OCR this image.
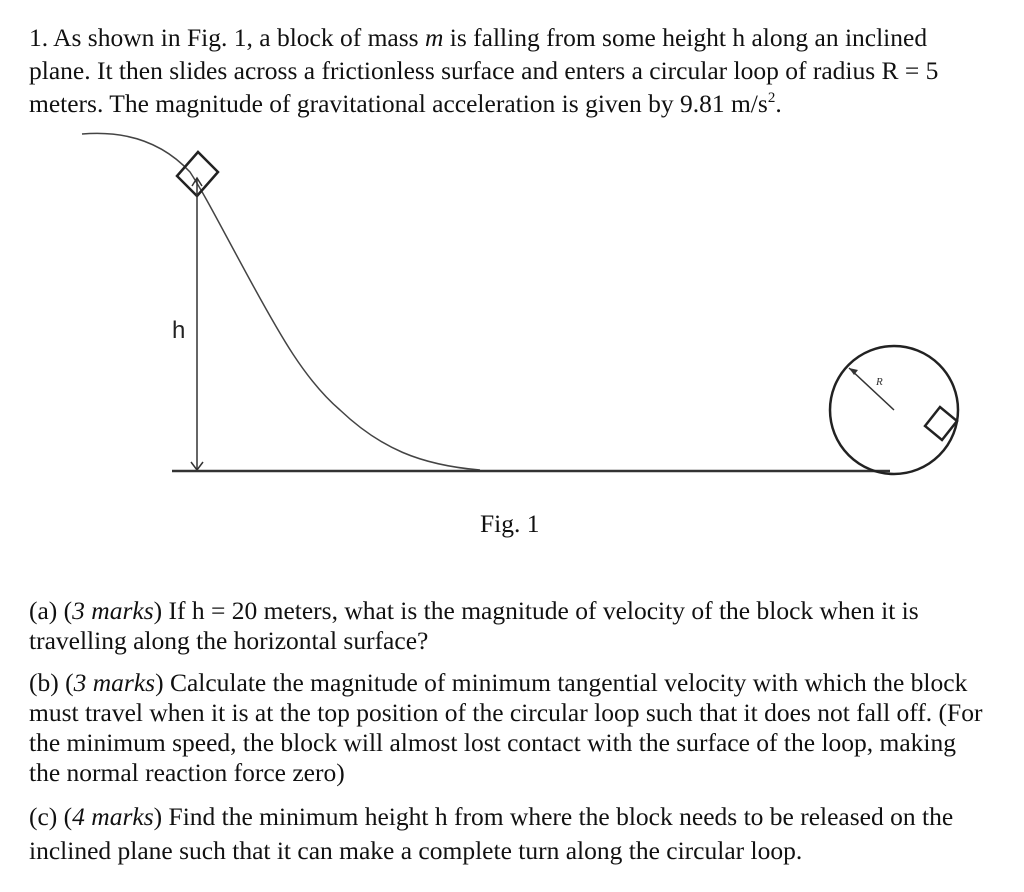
1. As shown in Fig. 1, a block of mass m is falling from some height h along an inclined
plane. It then slides across a frictionless surface and enters a circular loop of radius R = 5
meters. The magnitude of gravitational acceleration is given by 9.81 $m/s^2$.
h
R
Fig. 1
(a) (3 marks) If h = 20 meters, what is the magnitude of velocity of the block when it is
travelling along the horizontal surface?
(b) (3 marks) Calculate the magnitude of minimum tangential velocity with which the block
must travel when it is at the top position of the circular loop such that it does not fall off. (For
the minimum speed, the block will almost lost contact with the surface of the loop, making
the normal reaction force zero)
(c) (4 marks) Find the minimum height h from where the block needs to be released on the
inclined plane such that it can make a complete turn along the circular loop.
